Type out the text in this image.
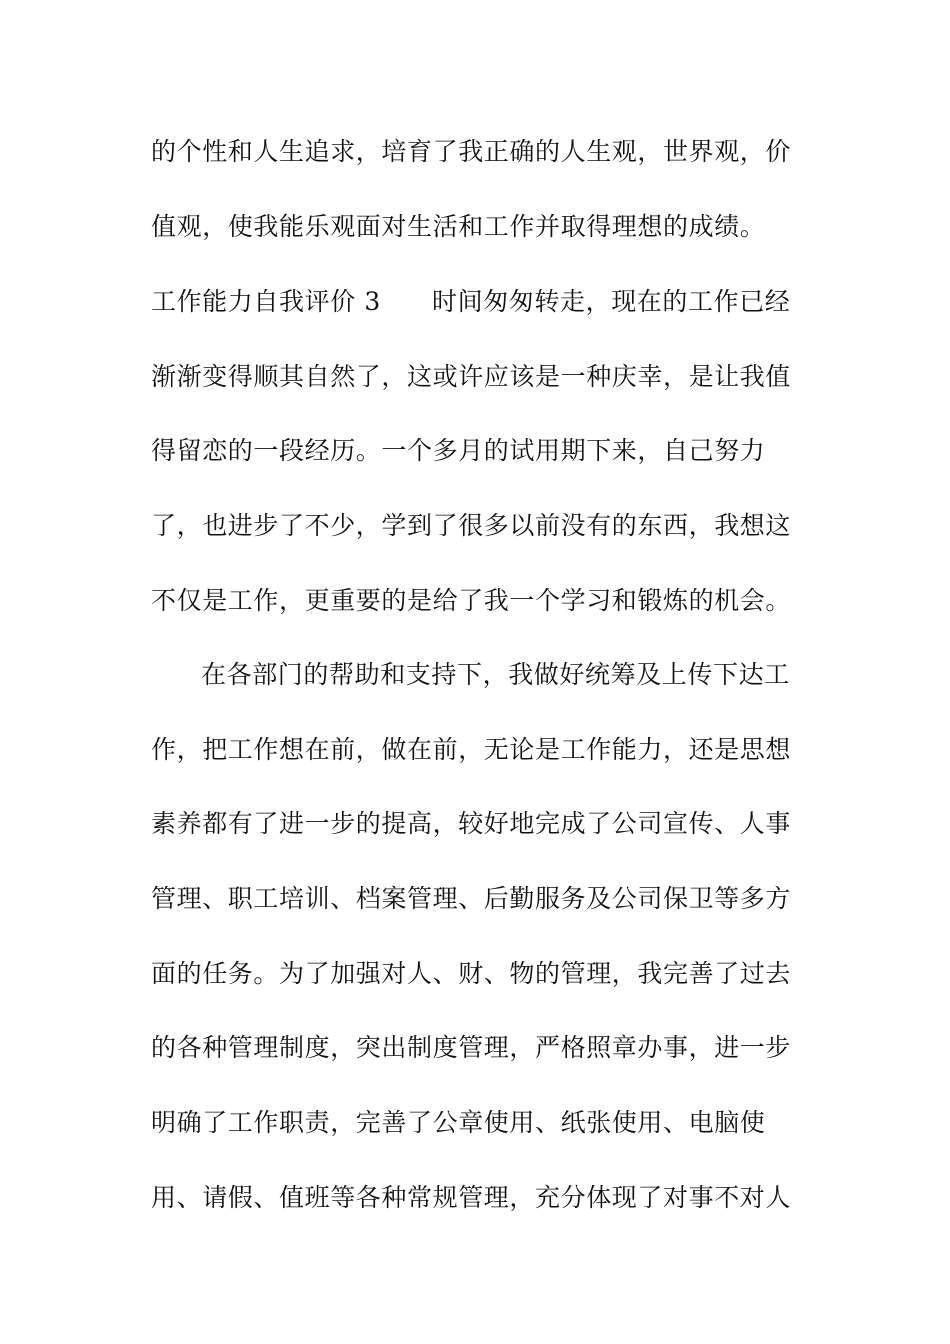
的个性和人生追求，培育了我正确的人生观，世界观，价
值观，使我能乐观面对生活和工作并取得理想的成绩。
工作能力自我评价 3 时间匆匆转走，现在的工作已经
渐渐变得顺其自然了，这或许应该是一种庆幸，是让我值
得留恋的一段经历。一个多月的试用期下来，自己努力
了，也进步了不少，学到了很多以前没有的东西，我想这
不仅是工作，更重要的是给了我一个学习和锻炼的机会。
在各部门的帮助和支持下，我做好统筹及上传下达工
作，把工作想在前，做在前，无论是工作能力，还是思想
素养都有了进一步的提高，较好地完成了公司宣传、人事
管理、职工培训、档案管理、后勤服务及公司保卫等多方
面的任务。为了加强对人、财、物的管理，我完善了过去
的各种管理制度，突出制度管理，严格照章办事，进一步
明确了工作职责，完善了公章使用、纸张使用、电脑使
用、请假、值班等各种常规管理，充分体现了对事不对人
